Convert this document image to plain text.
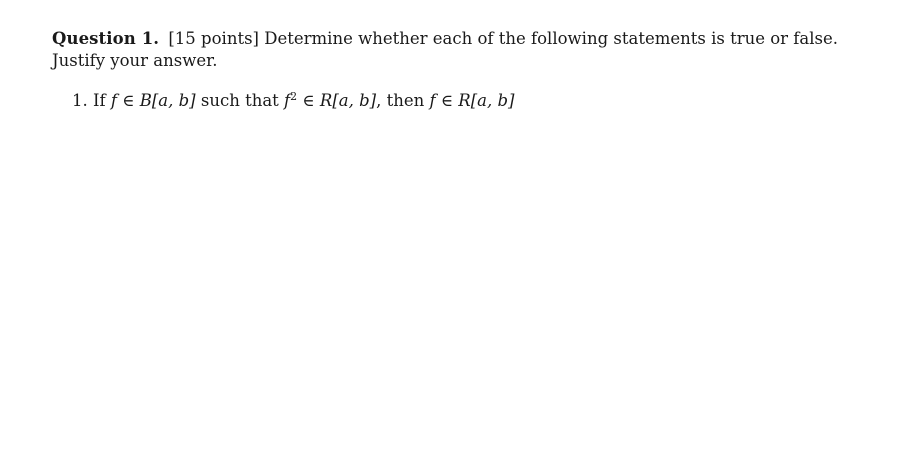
Question 1. [15 points] Determine whether each of the following statements is true or false.
Justify your answer.
1. If f ∈ B[a, b] such that $f^2$ ∈ R[a, b], then f ∈ R[a, b]
